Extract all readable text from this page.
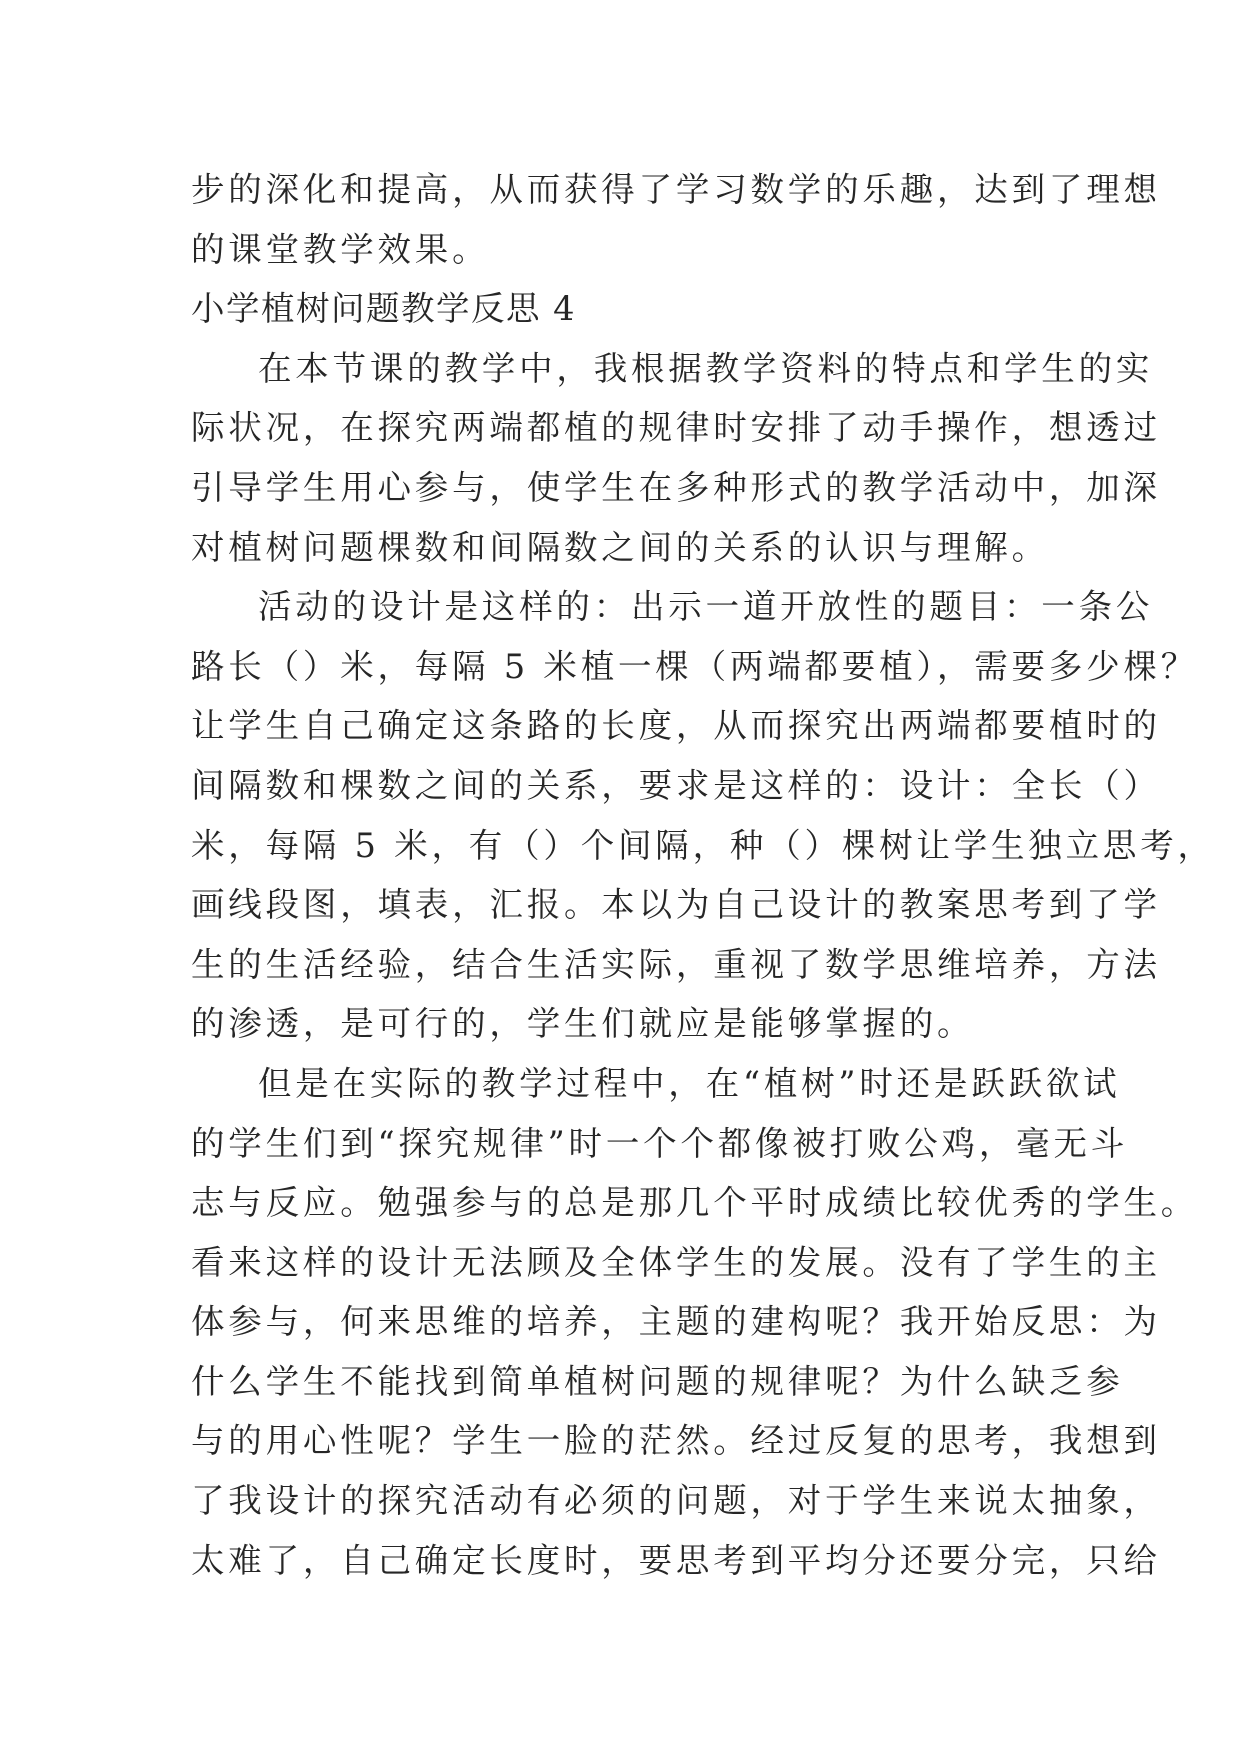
步的深化和提高，从而获得了学习数学的乐趣，达到了理想
的课堂教学效果。
小学植树问题教学反思 4
在本节课的教学中，我根据教学资料的特点和学生的实
际状况，在探究两端都植的规律时安排了动手操作，想透过
引导学生用心参与，使学生在多种形式的教学活动中，加深
对植树问题棵数和间隔数之间的关系的认识与理解。
活动的设计是这样的：出示一道开放性的题目：一条公
路长（）米，每隔 5 米植一棵（两端都要植），需要多少棵？
让学生自己确定这条路的长度，从而探究出两端都要植时的
间隔数和棵数之间的关系，要求是这样的：设计：全长（）
米，每隔 5 米，有（）个间隔，种（）棵树让学生独立思考，
画线段图，填表，汇报。本以为自己设计的教案思考到了学
生的生活经验，结合生活实际，重视了数学思维培养，方法
的渗透，是可行的，学生们就应是能够掌握的。
但是在实际的教学过程中，在“植树”时还是跃跃欲试
的学生们到“探究规律”时一个个都像被打败公鸡，毫无斗
志与反应。勉强参与的总是那几个平时成绩比较优秀的学生。
看来这样的设计无法顾及全体学生的发展。没有了学生的主
体参与，何来思维的培养，主题的建构呢？我开始反思：为
什么学生不能找到简单植树问题的规律呢？为什么缺乏参
与的用心性呢？学生一脸的茫然。经过反复的思考，我想到
了我设计的探究活动有必须的问题，对于学生来说太抽象，
太难了，自己确定长度时，要思考到平均分还要分完，只给
